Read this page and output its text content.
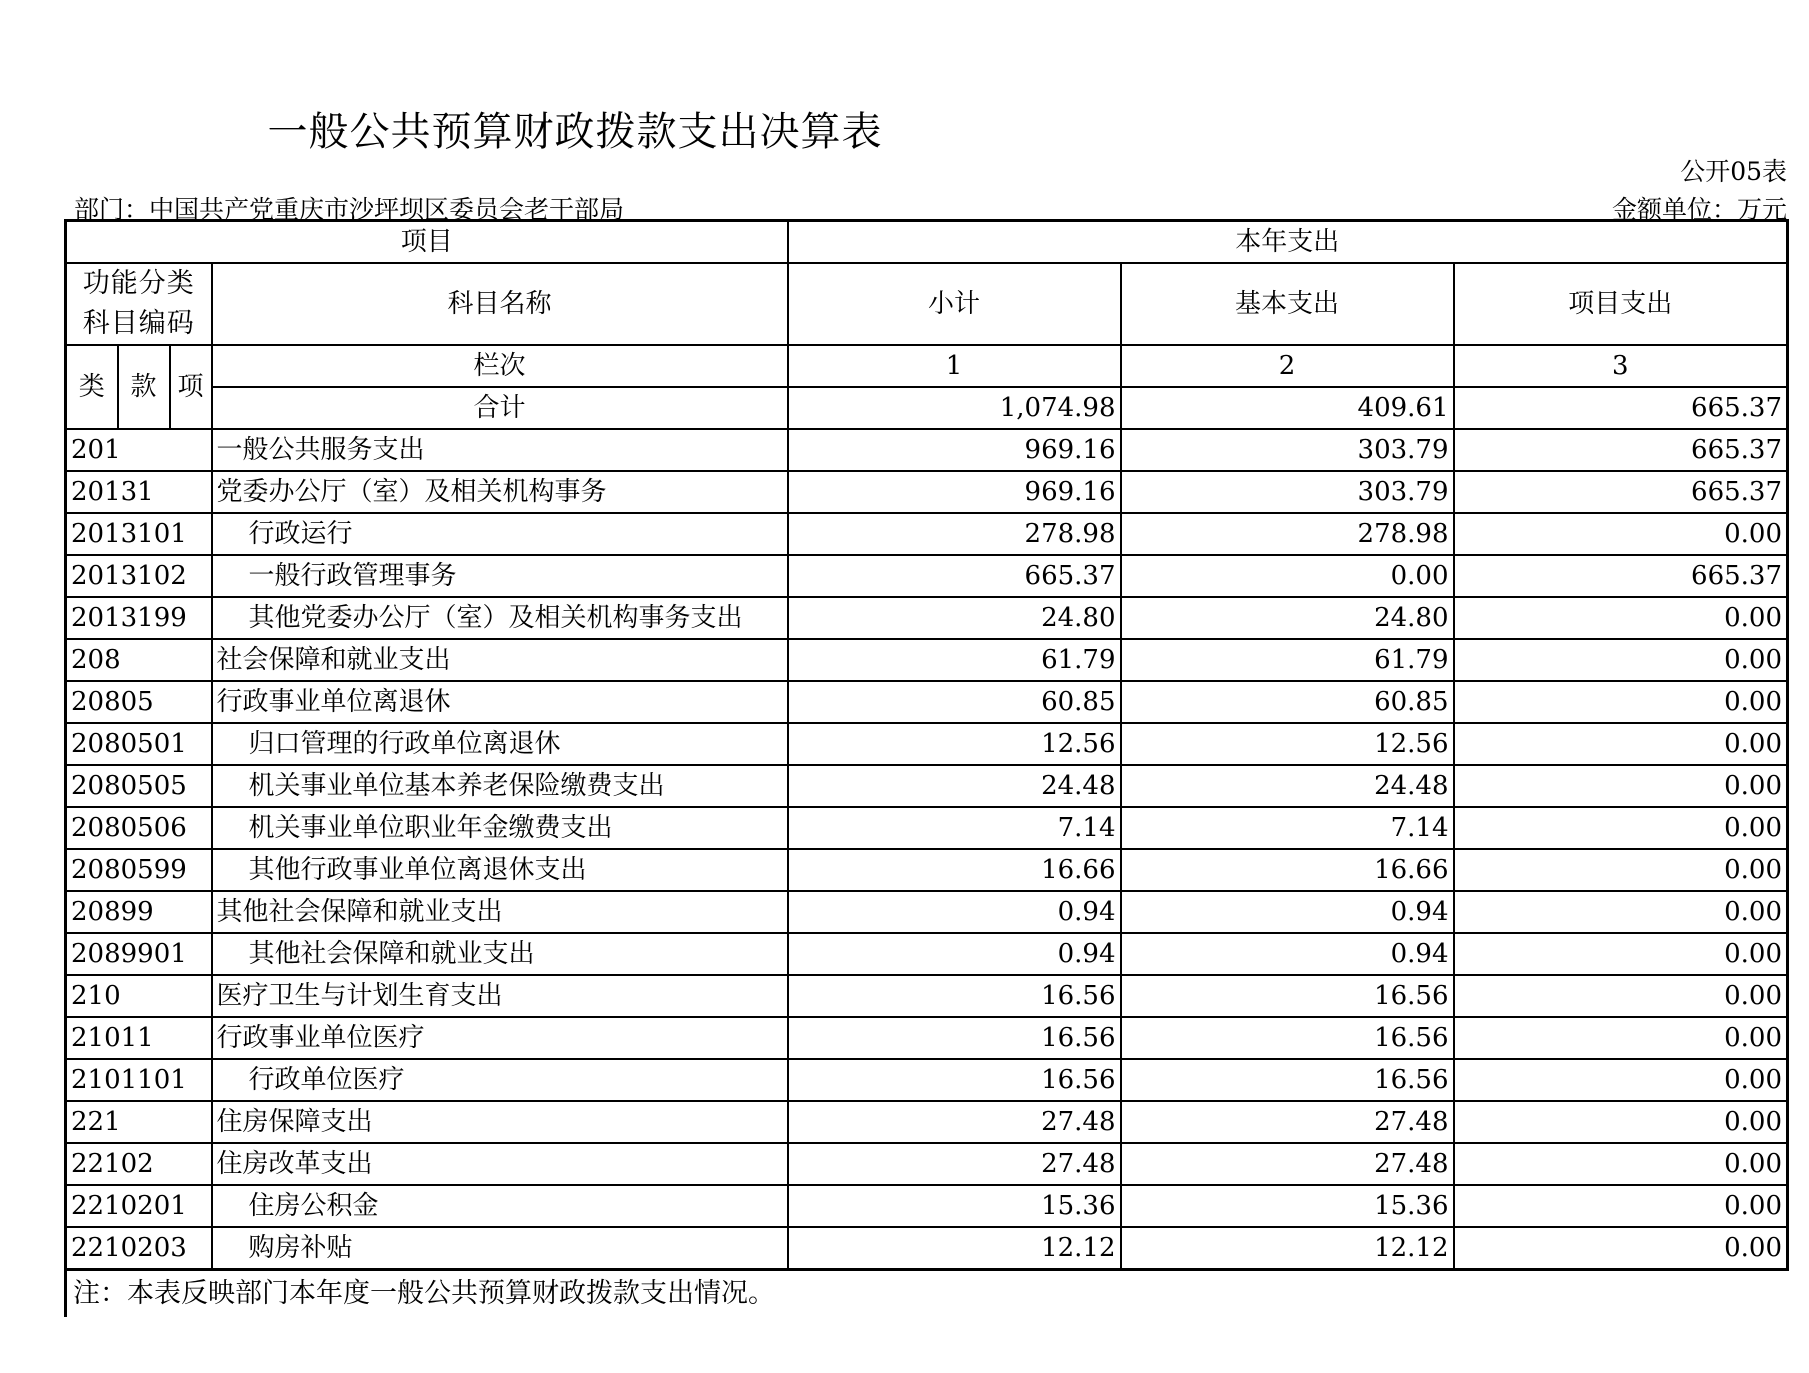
一般公共预算财政拨款支出决算表
公开05表
部门：中国共产党重庆市沙坪坝区委员会老干部局	金额单位：万元
项目				本年支出		
功能分类科目编码			科目名称	小计	基本支出	项目支出
类	款	项	栏次	1	2	3
			合计	1,074.98	409.61	665.37
201			一般公共服务支出	969.16	303.79	665.37
20131			党委办公厅（室）及相关机构事务	969.16	303.79	665.37
2013101			行政运行	278.98	278.98	0.00
2013102			一般行政管理事务	665.37	0.00	665.37
2013199			其他党委办公厅（室）及相关机构事务支出	24.80	24.80	0.00
208			社会保障和就业支出	61.79	61.79	0.00
20805			行政事业单位离退休	60.85	60.85	0.00
2080501			归口管理的行政单位离退休	12.56	12.56	0.00
2080505			机关事业单位基本养老保险缴费支出	24.48	24.48	0.00
2080506			机关事业单位职业年金缴费支出	7.14	7.14	0.00
2080599			其他行政事业单位离退休支出	16.66	16.66	0.00
20899			其他社会保障和就业支出	0.94	0.94	0.00
2089901			其他社会保障和就业支出	0.94	0.94	0.00
210			医疗卫生与计划生育支出	16.56	16.56	0.00
21011			行政事业单位医疗	16.56	16.56	0.00
2101101			行政单位医疗	16.56	16.56	0.00
221			住房保障支出	27.48	27.48	0.00
22102			住房改革支出	27.48	27.48	0.00
2210201			住房公积金	15.36	15.36	0.00
2210203			购房补贴	12.12	12.12	0.00
注：本表反映部门本年度一般公共预算财政拨款支出情况。
